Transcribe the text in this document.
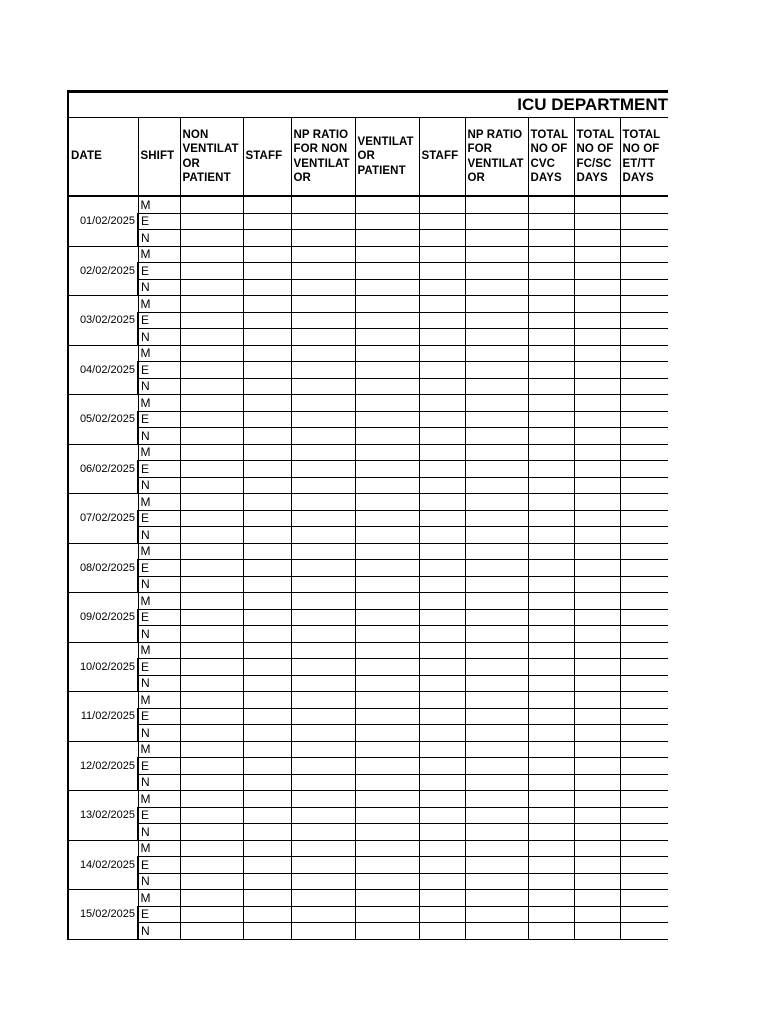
ICU DEPARTMENT										
DATE	SHIFT	NON VENTILAT OR PATIENT	STAFF	NP RATIO FOR NON VENTILAT OR	VENTILAT OR PATIENT	STAFF	NP RATIO FOR VENTILAT OR	TOTAL NO OF CVC DAYS	TOTAL NO OF FC/SC DAYS	TOTAL NO OF ET/TT DAYS
01/02/2025	M									
	E									
	N									
02/02/2025	M									
	E									
	N									
03/02/2025	M									
	E									
	N									
04/02/2025	M									
	E									
	N									
05/02/2025	M									
	E									
	N									
06/02/2025	M									
	E									
	N									
07/02/2025	M									
	E									
	N									
08/02/2025	M									
	E									
	N									
09/02/2025	M									
	E									
	N									
10/02/2025	M									
	E									
	N									
11/02/2025	M									
	E									
	N									
12/02/2025	M									
	E									
	N									
13/02/2025	M									
	E									
	N									
14/02/2025	M									
	E									
	N									
15/02/2025	M									
	E									
	N									
